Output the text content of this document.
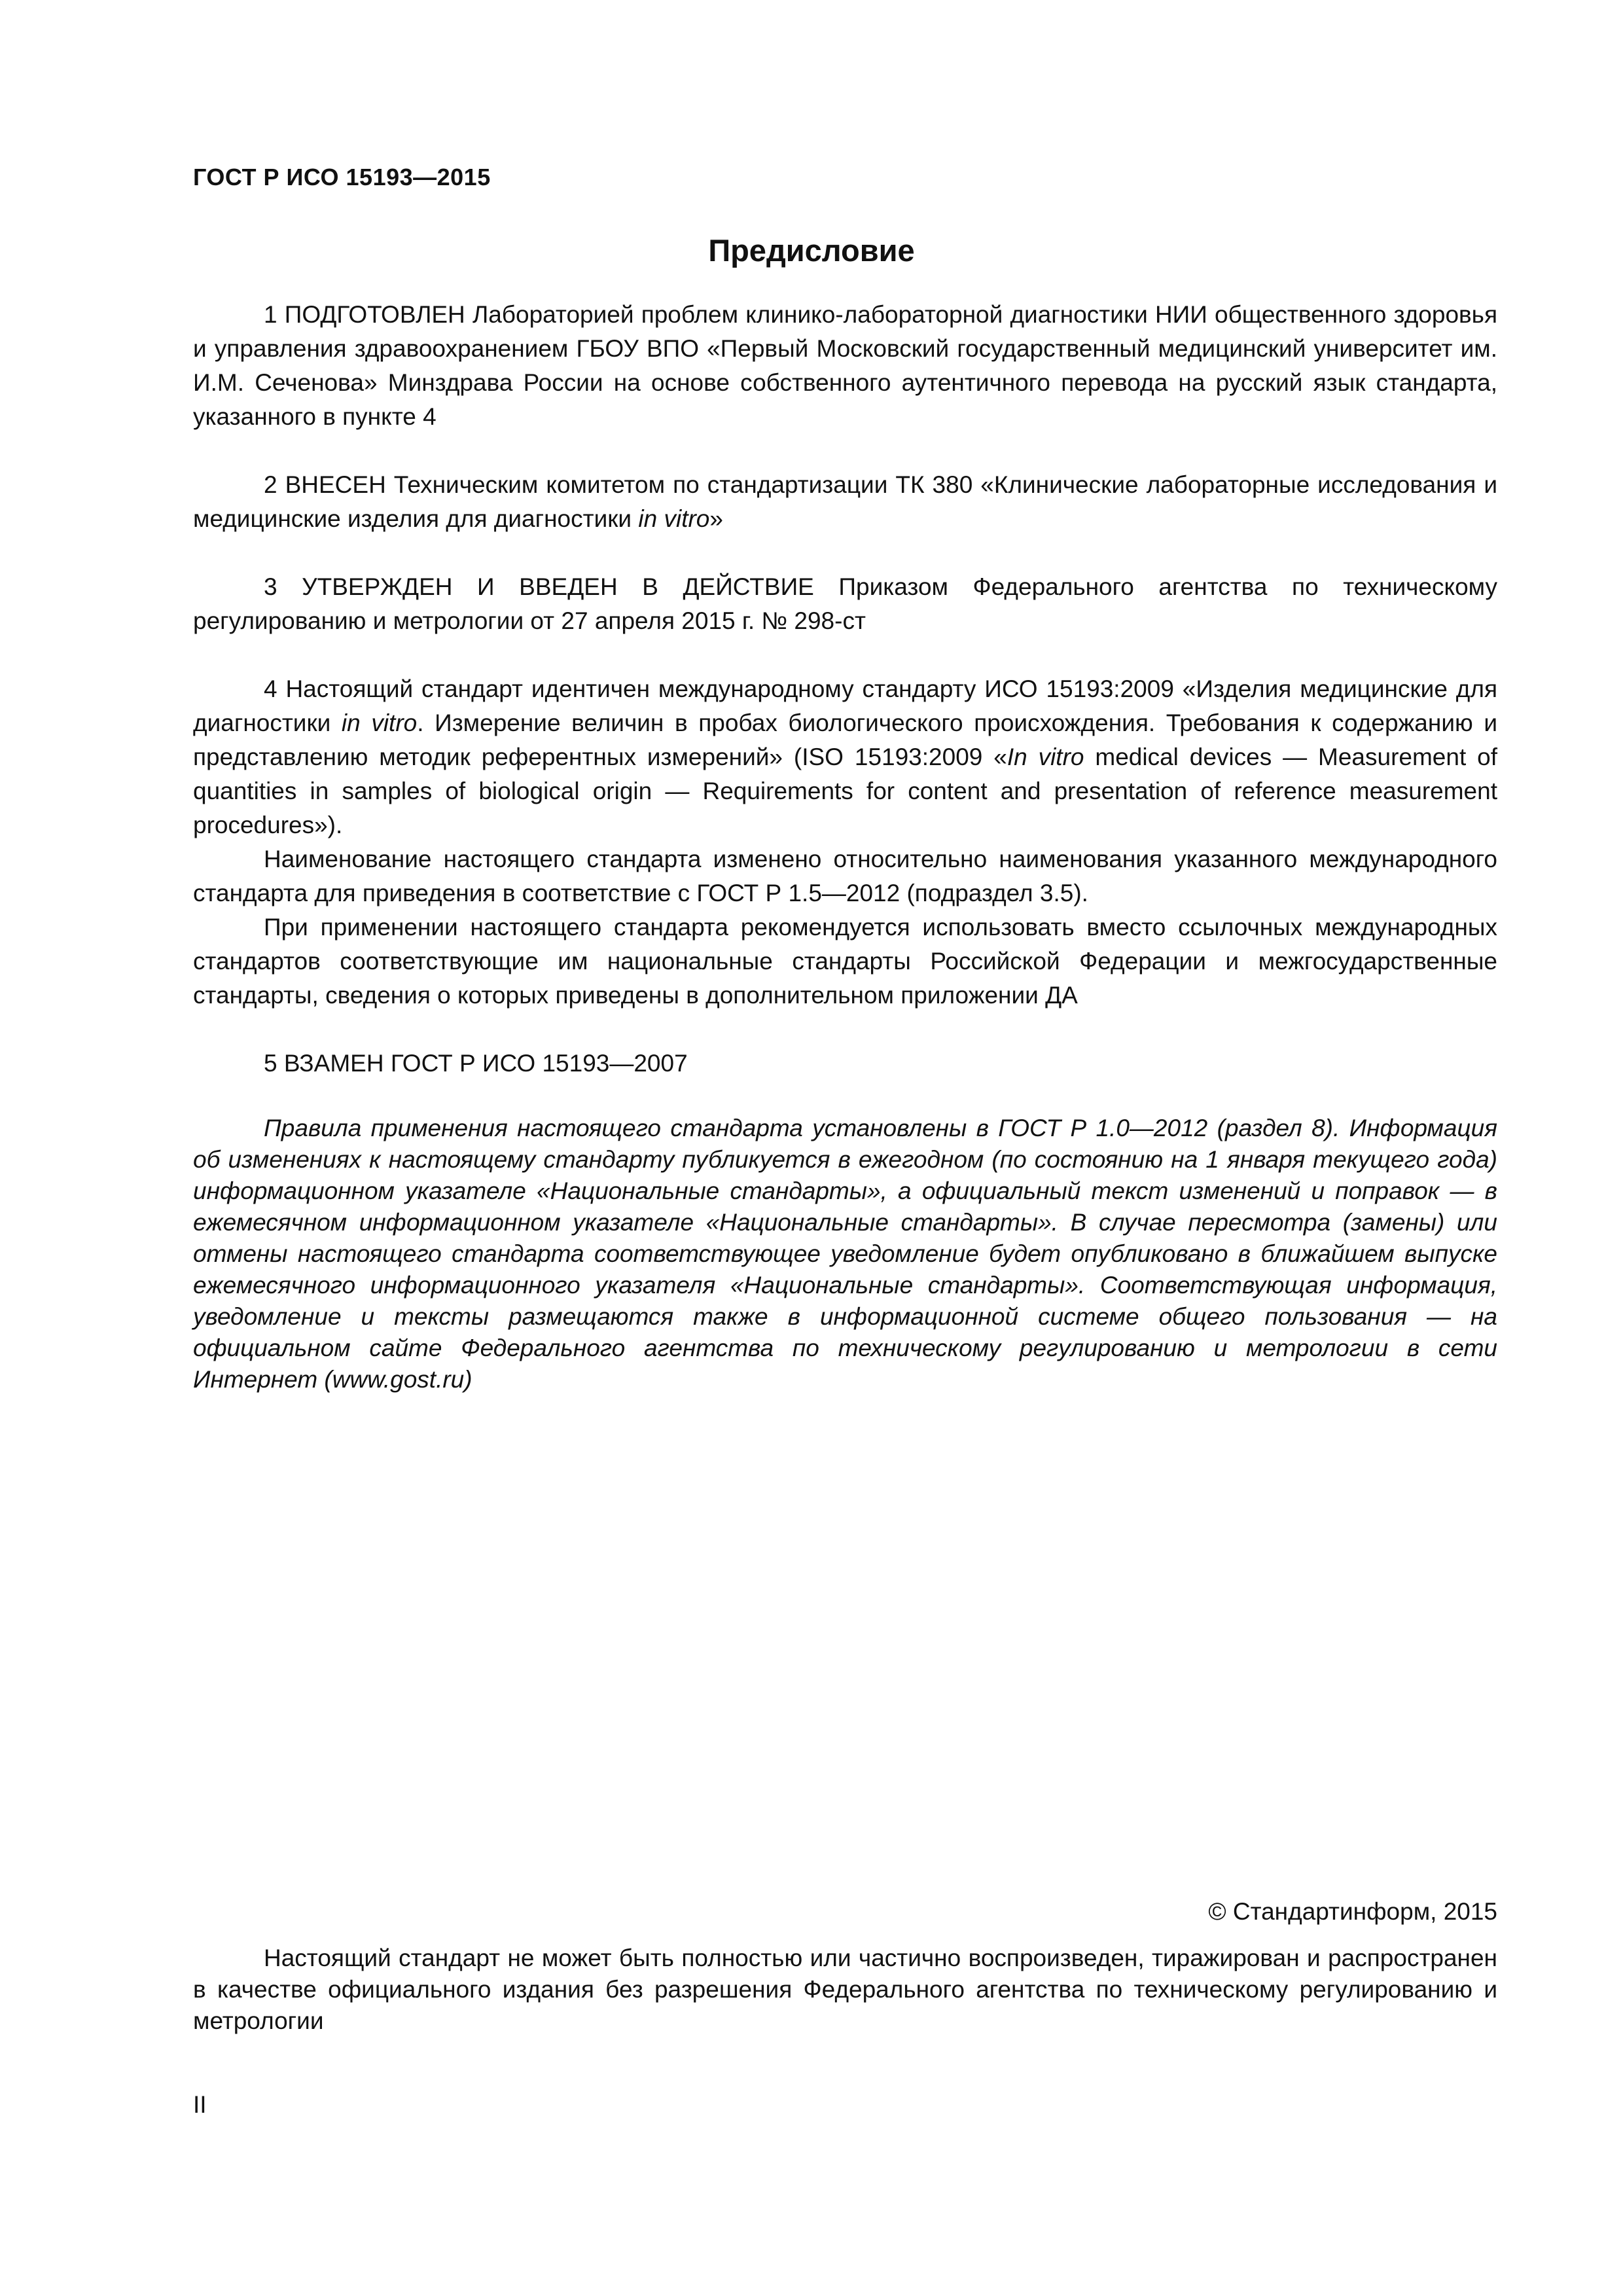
ГОСТ Р ИСО 15193—2015
Предисловие

1 ПОДГОТОВЛЕН Лабораторией проблем клинико-лабораторной диагностики НИИ общественного здоровья и управления здравоохранением ГБОУ ВПО «Первый Московский государственный медицинский университет им. И.М. Сеченова» Минздрава России на основе собственного аутентичного перевода на русский язык стандарта, указанного в пункте 4

2 ВНЕСЕН Техническим комитетом по стандартизации ТК 380 «Клинические лабораторные исследования и медицинские изделия для диагностики in vitro»

3 УТВЕРЖДЕН И ВВЕДЕН В ДЕЙСТВИЕ Приказом Федерального агентства по техническому регулированию и метрологии от 27 апреля 2015 г. № 298-ст

4 Настоящий стандарт идентичен международному стандарту ИСО 15193:2009 «Изделия медицинские для диагностики in vitro. Измерение величин в пробах биологического происхождения. Требования к содержанию и представлению методик референтных измерений» (ISO 15193:2009 «In vitro medical devices — Measurement of quantities in samples of biological origin — Requirements for content and presentation of reference measurement procedures»).

Наименование настоящего стандарта изменено относительно наименования указанного международного стандарта для приведения в соответствие с ГОСТ Р 1.5—2012 (подраздел 3.5).

При применении настоящего стандарта рекомендуется использовать вместо ссылочных международных стандартов соответствующие им национальные стандарты Российской Федерации и межгосударственные стандарты, сведения о которых приведены в дополнительном приложении ДА

5 ВЗАМЕН ГОСТ Р ИСО 15193—2007

Правила применения настоящего стандарта установлены в ГОСТ Р 1.0—2012 (раздел 8). Информация об изменениях к настоящему стандарту публикуется в ежегодном (по состоянию на 1 января текущего года) информационном указателе «Национальные стандарты», а официальный текст изменений и поправок — в ежемесячном информационном указателе «Национальные стандарты». В случае пересмотра (замены) или отмены настоящего стандарта соответствующее уведомление будет опубликовано в ближайшем выпуске ежемесячного информационного указателя «Национальные стандарты». Соответствующая информация, уведомление и тексты размещаются также в информационной системе общего пользования — на официальном сайте Федерального агентства по техническому регулированию и метрологии в сети Интернет (www.gost.ru)
© Стандартинформ, 2015
Настоящий стандарт не может быть полностью или частично воспроизведен, тиражирован и распространен в качестве официального издания без разрешения Федерального агентства по техническому регулированию и метрологии
II
